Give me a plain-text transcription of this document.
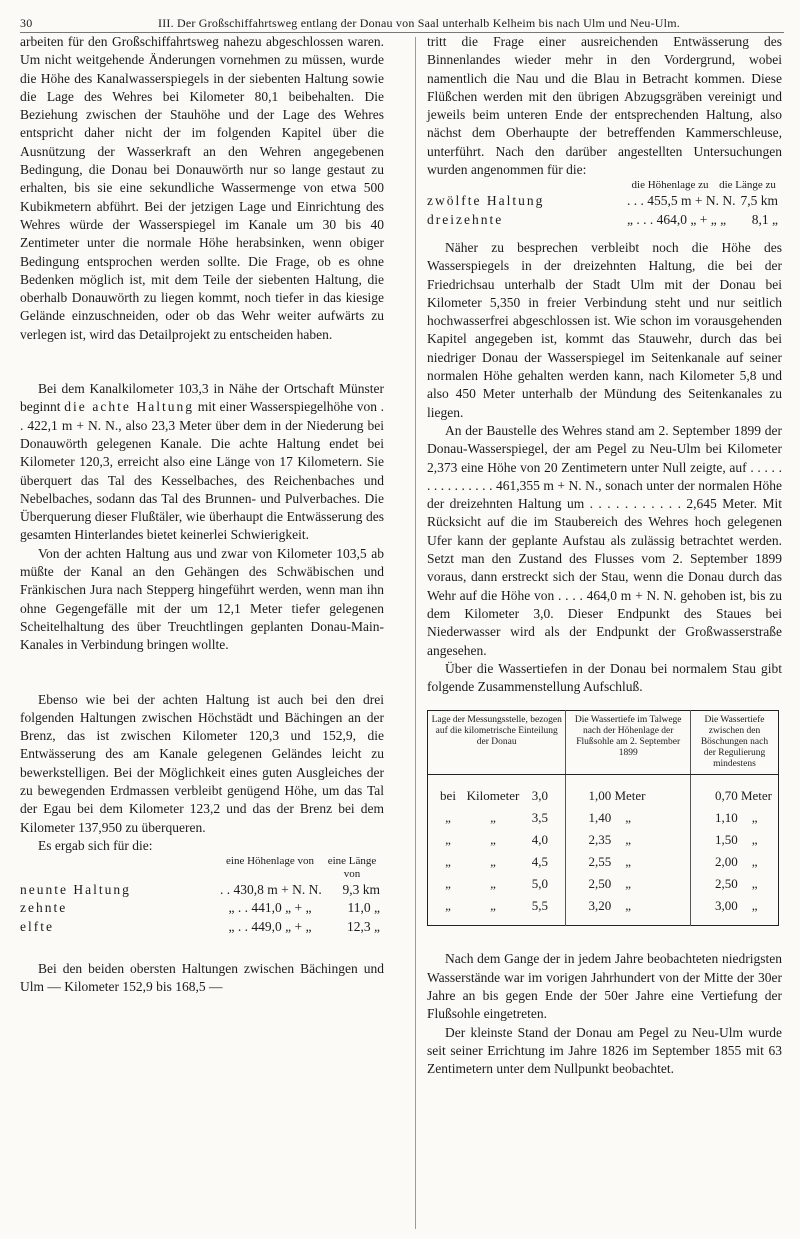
30	III. Der Großschiffahrtsweg entlang der Donau von Saal unterhalb Kelheim bis nach Ulm und Neu-Ulm.

arbeiten für den Großschiffahrtsweg nahezu abgeschlossen waren. Um nicht weitgehende Änderungen vornehmen zu müssen, wurde die Höhe des Kanalwasserspiegels in der siebenten Haltung sowie die Lage des Wehres bei Kilometer 80,1 beibehalten. Die Beziehung zwischen der Stauhöhe und der Lage des Wehres entspricht daher nicht der im folgenden Kapitel über die Ausnützung der Wasserkraft an den Wehren angegebenen Bedingung, die Donau bei Donauwörth nur so lange gestaut zu erhalten, bis sie eine sekundliche Wassermenge von etwa 500 Kubikmetern abführt. Bei der jetzigen Lage und Einrichtung des Wehres würde der Wasserspiegel im Kanale um 30 bis 40 Zentimeter unter die normale Höhe herabsinken, wenn obiger Bedingung entsprochen werden sollte. Die Frage, ob es ohne Bedenken möglich ist, mit dem Teile der siebenten Haltung, die oberhalb Donauwörth zu liegen kommt, noch tiefer in das kiesige Gelände einzuschneiden, oder ob das Wehr weiter aufwärts zu verlegen ist, wird das Detailprojekt zu entscheiden haben.

Bei dem Kanalkilometer 103,3 in Nähe der Ortschaft Münster beginnt die achte Haltung mit einer Wasserspiegelhöhe von . . 422,1 m + N. N., also 23,3 Meter über dem in der Niederung bei Donauwörth gelegenen Kanale. Die achte Haltung endet bei Kilometer 120,3, erreicht also eine Länge von 17 Kilometern. Sie überquert das Tal des Kesselbaches, des Reichenbaches und Nebelbaches, sodann das Tal des Brunnen- und Pulverbaches. Die Überquerung dieser Flußtäler, wie überhaupt die Entwässerung des gesamten Hinterlandes bietet keinerlei Schwierigkeit.

Von der achten Haltung aus und zwar von Kilometer 103,5 ab müßte der Kanal an den Gehängen des Schwäbischen und Fränkischen Jura nach Stepperg hingeführt werden, wenn man ihn ohne Gegengefälle mit der um 12,1 Meter tiefer gelegenen Scheitelhaltung des über Treuchtlingen geplanten Donau-Main-Kanales in Verbindung bringen wollte.

Ebenso wie bei der achten Haltung ist auch bei den drei folgenden Haltungen zwischen Höchstädt und Bächingen an der Brenz, das ist zwischen Kilometer 120,3 und 152,9, die Entwässerung des am Kanale gelegenen Geländes leicht zu bewerkstelligen. Bei der Möglichkeit eines guten Ausgleiches der zu bewegenden Erdmassen verbleibt genügend Höhe, um das Tal der Egau bei dem Kilometer 123,2 und das der Brenz bei dem Kilometer 137,950 zu überqueren.

Es ergab sich für die:

eine Höhenlage von	eine Länge von
neunte Haltung	. . 430,8 m + N. N.	9,3 km
zehnte	„ . . 441,0 „ + „	11,0 „
elfte	„ . . 449,0 „ + „	12,3 „

Bei den beiden obersten Haltungen zwischen Bächingen und Ulm — Kilometer 152,9 bis 168,5 —

tritt die Frage einer ausreichenden Entwässerung des Binnenlandes wieder mehr in den Vordergrund, wobei namentlich die Nau und die Blau in Betracht kommen. Diese Flüßchen werden mit den übrigen Abzugsgräben vereinigt und jeweils beim unteren Ende der entsprechenden Haltung, also nächst dem Oberhaupte der betreffenden Kammerschleuse, unterführt. Nach den darüber angestellten Untersuchungen wurden angenommen für die:

die Höhenlage zu die Länge zu
zwölfte Haltung	. . . 455,5 m + N. N. 7,5 km
dreizehnte	„ . . . 464,0 „ + „ „	8,1 „

Näher zu besprechen verbleibt noch die Höhe des Wasserspiegels in der dreizehnten Haltung, die bei der Friedrichsau unterhalb der Stadt Ulm mit der Donau bei Kilometer 5,350 in freier Verbindung steht und nur seitlich hochwasserfrei abgeschlossen ist. Wie schon im vorausgehenden Kapitel angegeben ist, kommt das Stauwehr, durch das bei niedriger Donau der Wasserspiegel im Seitenkanale auf seiner normalen Höhe gehalten werden kann, nach Kilometer 5,8 und also 450 Meter unterhalb der Mündung des Seitenkanales zu liegen.

An der Baustelle des Wehres stand am 2. September 1899 der Donau-Wasserspiegel, der am Pegel zu Neu-Ulm bei Kilometer 2,373 eine Höhe von 20 Zentimetern unter Null zeigte, auf . . . . . . . . . . . . . . . 461,355 m + N. N., sonach unter der normalen Höhe der dreizehnten Haltung um . . . . . . . . . . . 2,645 Meter. Mit Rücksicht auf die im Staubereich des Wehres hoch gelegenen Ufer kann der geplante Aufstau als zulässig betrachtet werden. Setzt man den Zustand des Flusses vom 2. September 1899 voraus, dann erstreckt sich der Stau, wenn die Donau durch das Wehr auf die Höhe von . . . . 464,0 m + N. N. gehoben ist, bis zu dem Kilometer 3,0. Dieser Endpunkt des Staues bei Niederwasser wird als der Endpunkt der Großwasserstraße angesehen.

Über die Wassertiefen in der Donau bei normalem Stau gibt folgende Zusammenstellung Aufschluß.

Lage der Messungsstelle, bezogen auf die kilometrische Einteilung der Donau	Die Wassertiefe im Talwege nach der Höhenlage der Flußsohle am 2. September 1899	Die Wassertiefe zwischen den Böschungen nach der Regulierung mindestens
bei Kilometer 3,0	1,00 Meter	0,70 Meter
„ „ 3,5	1,40 „	1,10 „
„ „ 4,0	2,35 „	1,50 „
„ „ 4,5	2,55 „	2,00 „
„ „ 5,0	2,50 „	2,50 „
„ „ 5,5	3,20 „	3,00 „

Nach dem Gange der in jedem Jahre beobachteten niedrigsten Wasserstände war im vorigen Jahrhundert von der Mitte der 30er Jahre an bis gegen Ende der 50er Jahre eine Vertiefung der Flußsohle eingetreten.

Der kleinste Stand der Donau am Pegel zu Neu-Ulm wurde seit seiner Errichtung im Jahre 1826 im September 1855 mit 63 Zentimetern unter dem Nullpunkt beobachtet.
